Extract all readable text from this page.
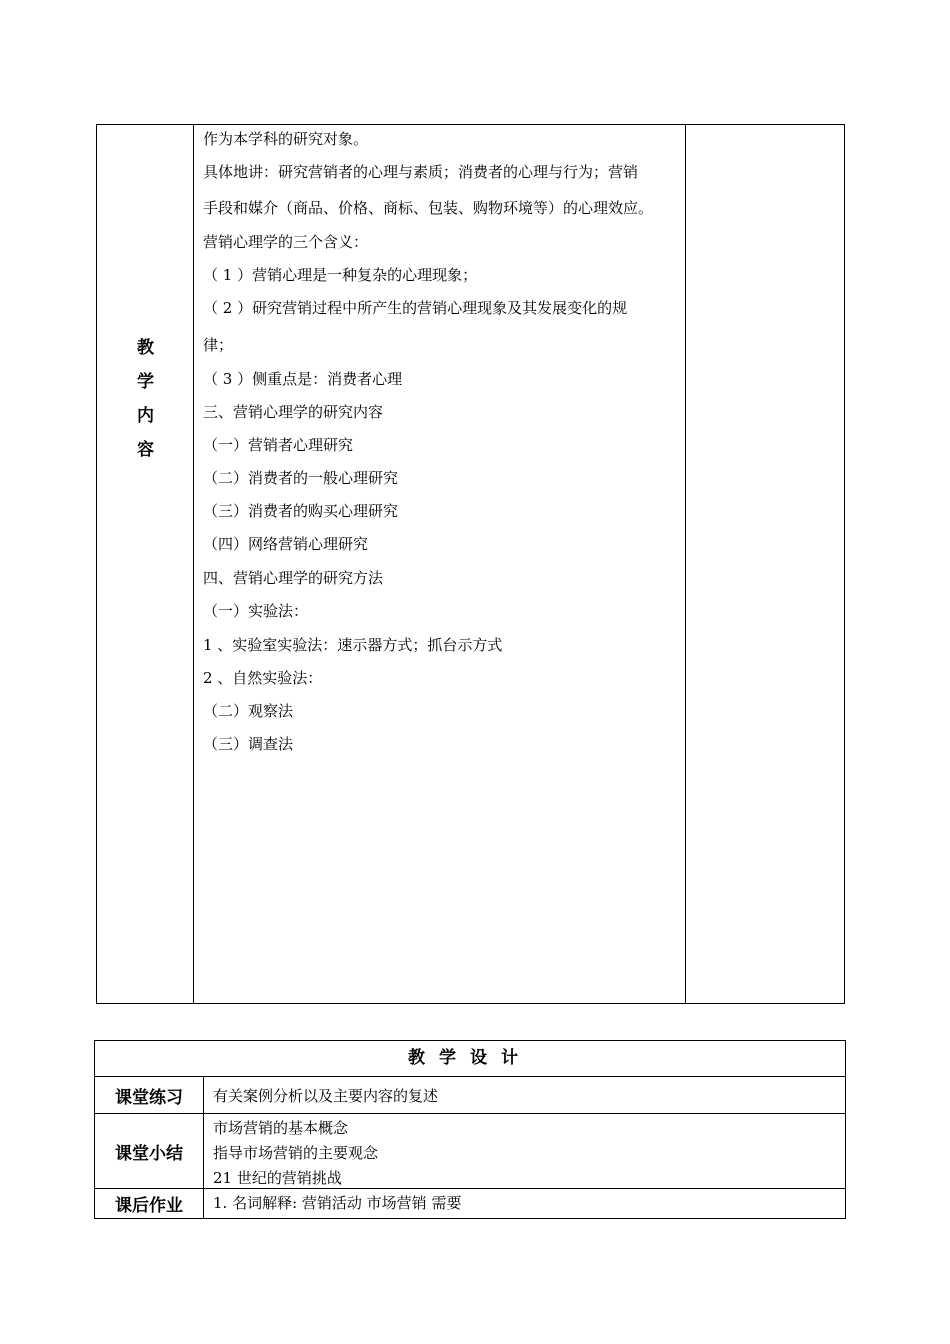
教
学
内
容
作为本学科的研究对象。
具体地讲：研究营销者的心理与素质；消费者的心理与行为；营销
手段和媒介（商品、价格、商标、包装、购物环境等）的心理效应。
营销心理学的三个含义：
（ 1 ）营销心理是一种复杂的心理现象；
（ 2 ）研究营销过程中所产生的营销心理现象及其发展变化的规
律；
（ 3 ）侧重点是：消费者心理
三、营销心理学的研究内容
（一）营销者心理研究
（二）消费者的一般心理研究
（三）消费者的购买心理研究
（四）网络营销心理研究
四、营销心理学的研究方法
（一）实验法：
1 、实验室实验法：速示器方式；抓台示方式
2 、自然实验法：
（二）观察法
（三）调查法
教学设计
课堂练习	有关案例分析以及主要内容的复述
课堂小结
市场营销的基本概念
指导市场营销的主要观念
21 世纪的营销挑战
课后作业	1. 名词解释: 营销活动 市场营销 需要
